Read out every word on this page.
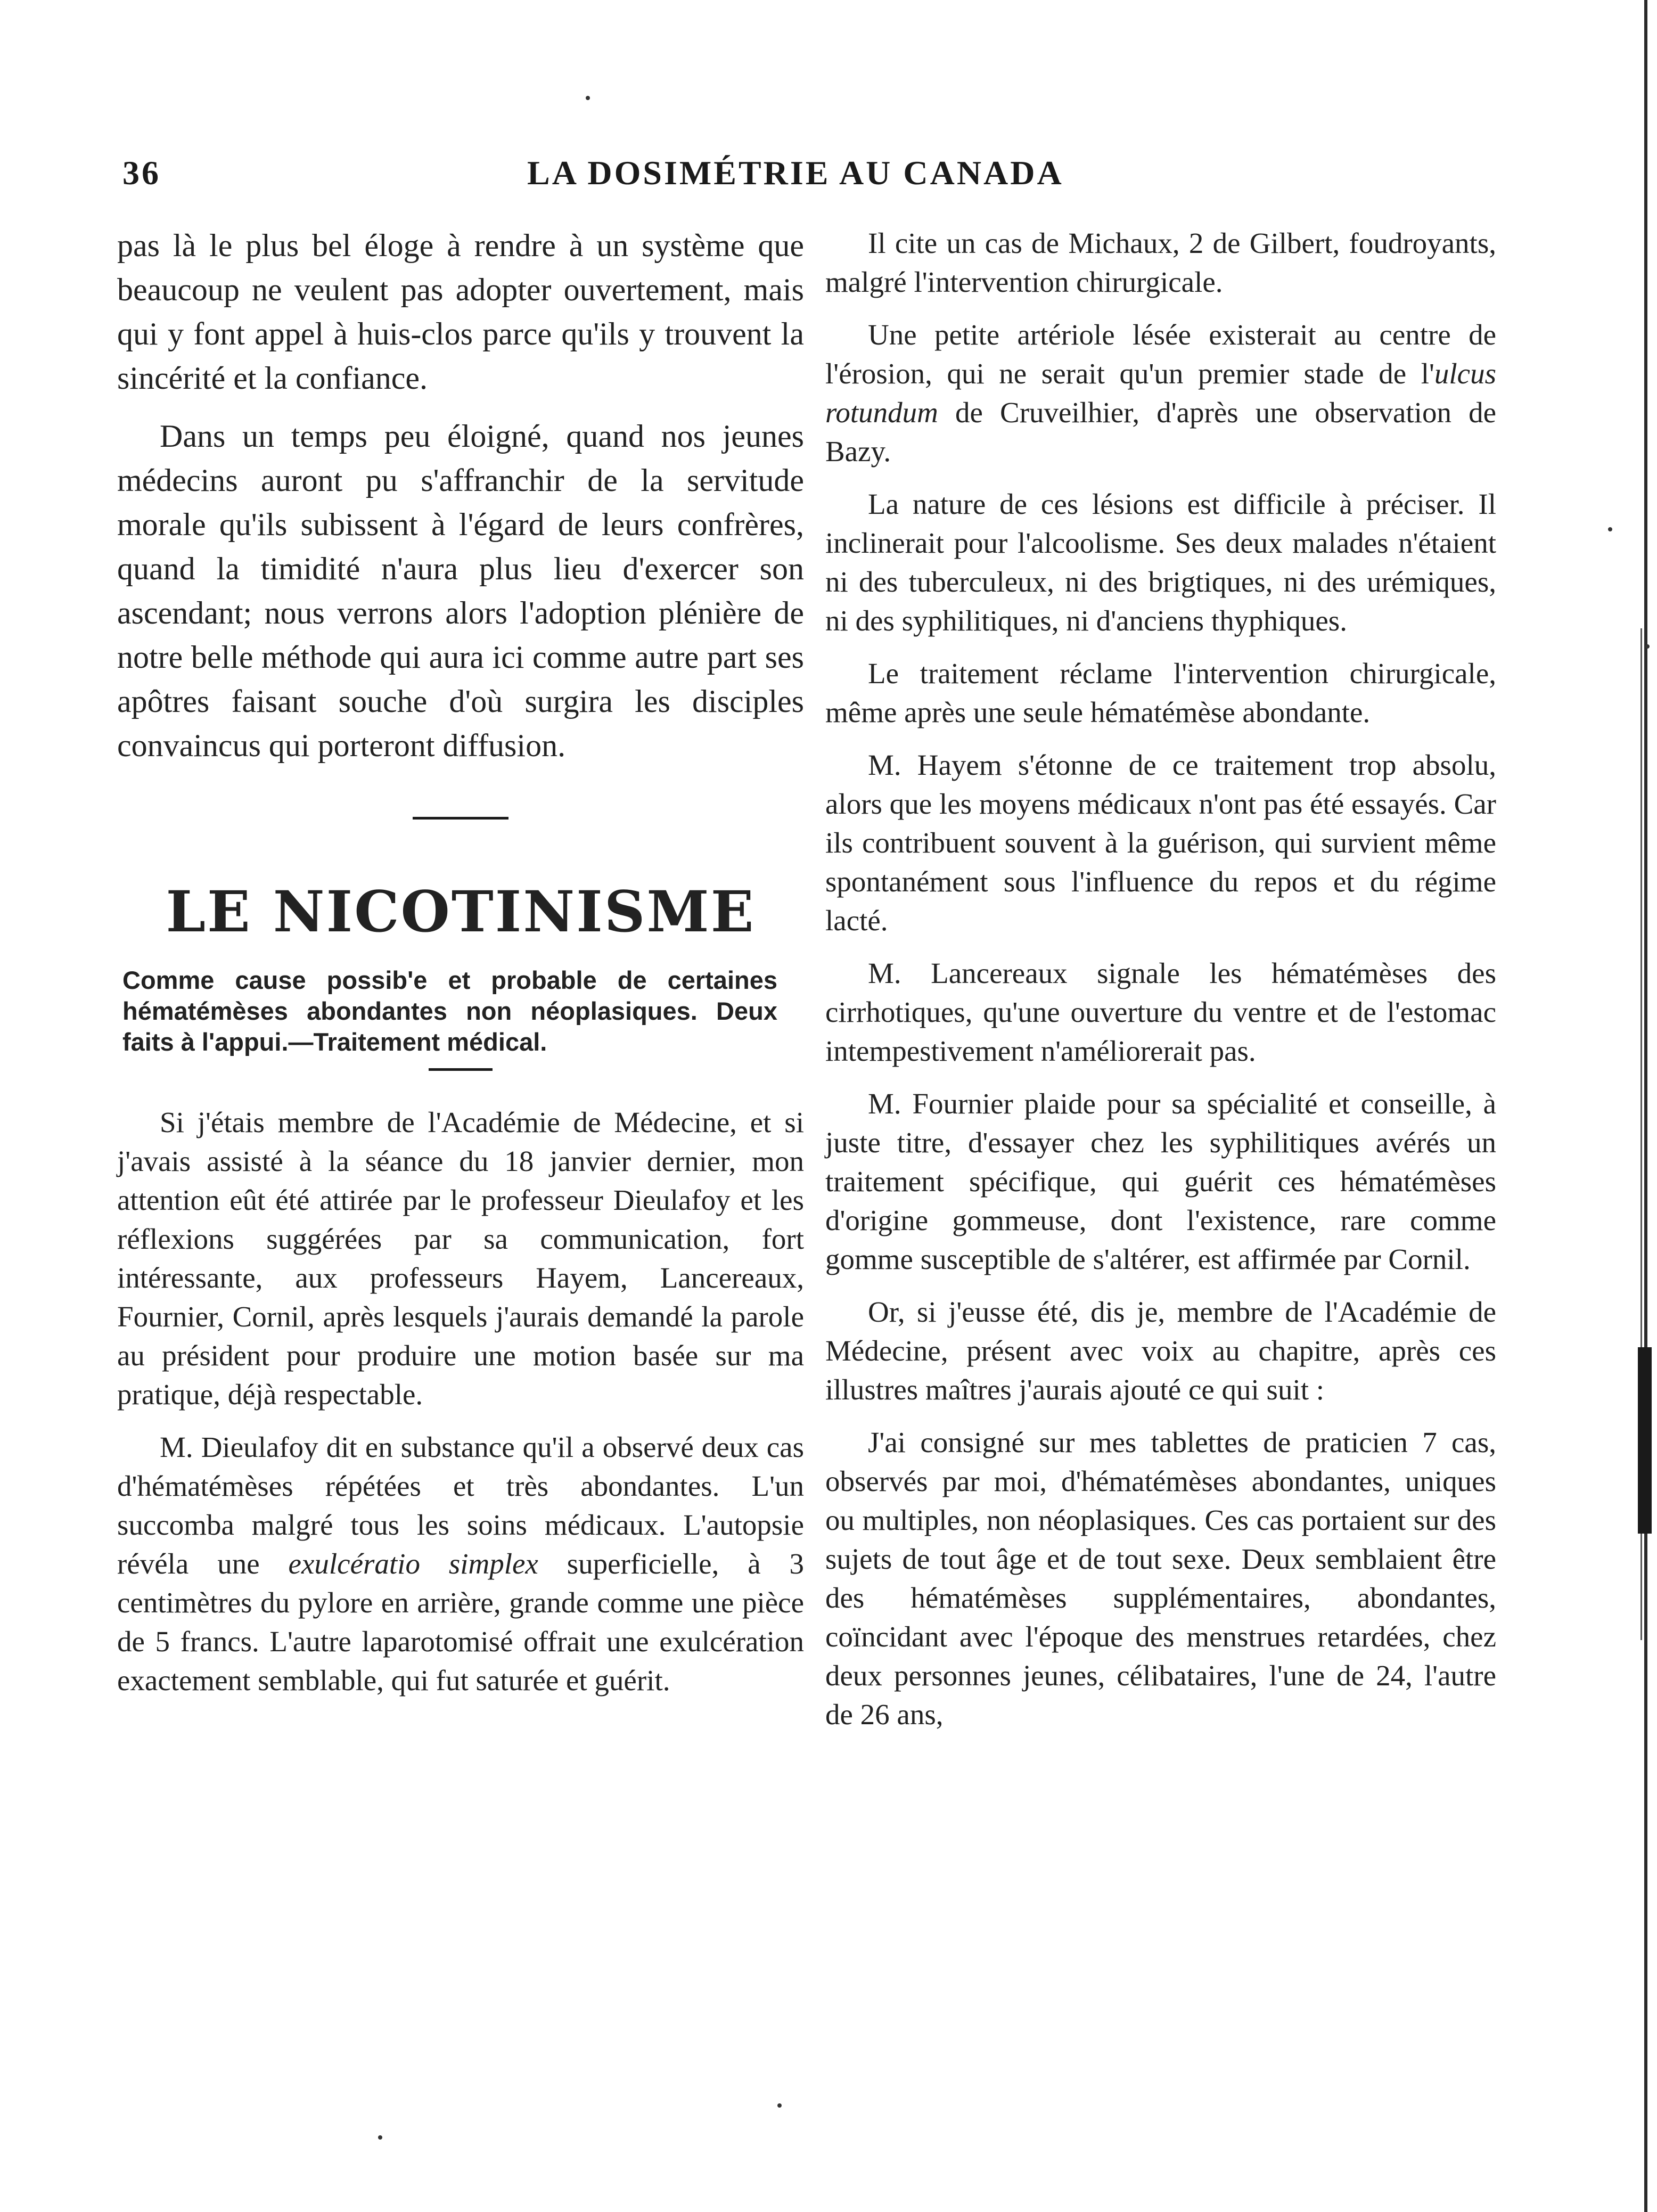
36	LA DOSIMÉTRIE AU CANADA

pas là le plus bel éloge à rendre à un système que beaucoup ne veulent pas adopter ouvertement, mais qui y font appel à huis-clos parce qu'ils y trouvent la sincérité et la confiance.

Dans un temps peu éloigné, quand nos jeunes médecins auront pu s'affranchir de la servitude morale qu'ils subissent à l'égard de leurs confrères, quand la timidité n'aura plus lieu d'exercer son ascendant; nous verrons alors l'adoption plénière de notre belle méthode qui aura ici comme autre part ses apôtres faisant souche d'où surgira les disciples convaincus qui porteront diffusion.

LE NICOTINISME

Comme cause possib'e et probable de certaines hématémèses abondantes non néoplasiques. Deux faits à l'appui.—Traitement médical.

Si j'étais membre de l'Académie de Médecine, et si j'avais assisté à la séance du 18 janvier dernier, mon attention eût été attirée par le professeur Dieulafoy et les réflexions suggérées par sa communication, fort intéressante, aux professeurs Hayem, Lancereaux, Fournier, Cornil, après lesquels j'aurais demandé la parole au président pour produire une motion basée sur ma pratique, déjà respectable.

M. Dieulafoy dit en substance qu'il a observé deux cas d'hématémèses répétées et très abondantes. L'un succomba malgré tous les soins médicaux. L'autopsie révéla une exulcératio simplex superficielle, à 3 centimètres du pylore en arrière, grande comme une pièce de 5 francs. L'autre laparotomisé offrait une exulcération exactement semblable, qui fut saturée et guérit.

Il cite un cas de Michaux, 2 de Gilbert, foudroyants, malgré l'intervention chirurgicale.

Une petite artériole lésée existerait au centre de l'érosion, qui ne serait qu'un premier stade de l'ulcus rotundum de Cruveilhier, d'après une observation de Bazy.

La nature de ces lésions est difficile à préciser. Il inclinerait pour l'alcoolisme. Ses deux malades n'étaient ni des tuberculeux, ni des brigtiques, ni des urémiques, ni des syphilitiques, ni d'anciens thyphiques.

Le traitement réclame l'intervention chirurgicale, même après une seule hématémèse abondante.

M. Hayem s'étonne de ce traitement trop absolu, alors que les moyens médicaux n'ont pas été essayés. Car ils contribuent souvent à la guérison, qui survient même spontanément sous l'influence du repos et du régime lacté.

M. Lancereaux signale les hématémèses des cirrhotiques, qu'une ouverture du ventre et de l'estomac intempestivement n'améliorerait pas.

M. Fournier plaide pour sa spécialité et conseille, à juste titre, d'essayer chez les syphilitiques avérés un traitement spécifique, qui guérit ces hématémèses d'origine gommeuse, dont l'existence, rare comme gomme susceptible de s'altérer, est affirmée par Cornil.

Or, si j'eusse été, dis je, membre de l'Académie de Médecine, présent avec voix au chapitre, après ces illustres maîtres j'aurais ajouté ce qui suit :

J'ai consigné sur mes tablettes de praticien 7 cas, observés par moi, d'hématémèses abondantes, uniques ou multiples, non néoplasiques. Ces cas portaient sur des sujets de tout âge et de tout sexe. Deux semblaient être des hématémèses supplémentaires, abondantes, coïncidant avec l'époque des menstrues retardées, chez deux personnes jeunes, célibataires, l'une de 24, l'autre de 26 ans,
